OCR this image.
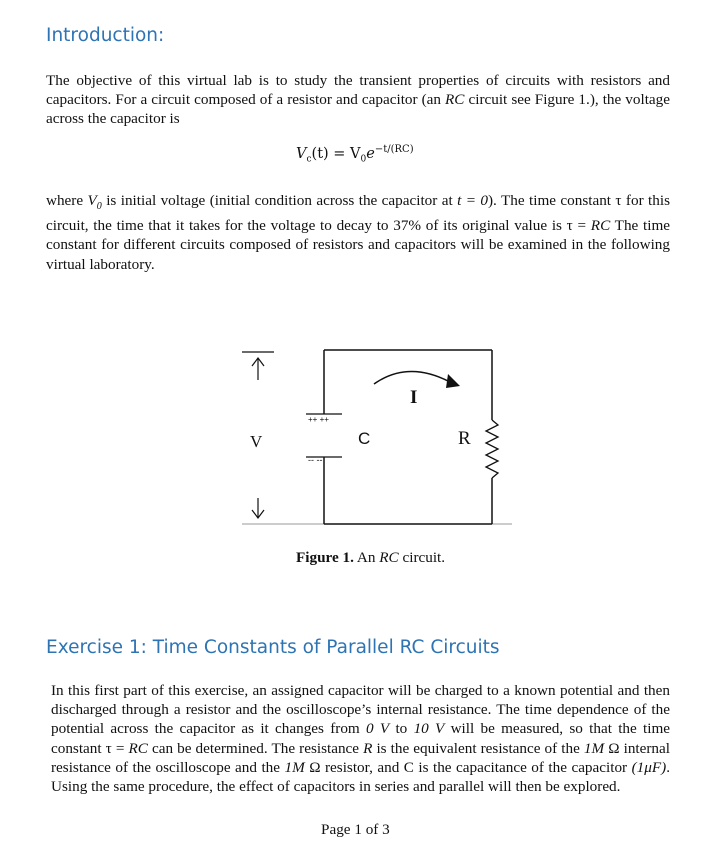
Introduction:

The objective of this virtual lab is to study the transient properties of circuits with resistors and capacitors. For a circuit composed of a resistor and capacitor (an RC circuit see Figure 1.), the voltage across the capacitor is

$V_c(t) = V_0e^{-t/(RC)}$

where $V_0$ is initial voltage (initial condition across the capacitor at t = 0). The time constant τ for this circuit, the time that it takes for the voltage to decay to 37% of its original value is τ = RC The time constant for different circuits composed of resistors and capacitors will be examined in the following virtual laboratory.

V
++ ++
-- --
C
I
R

Figure 1. An RC circuit.

Exercise 1: Time Constants of Parallel RC Circuits

In this first part of this exercise, an assigned capacitor will be charged to a known potential and then discharged through a resistor and the oscilloscope’s internal resistance. The time dependence of the potential across the capacitor as it changes from 0 V to 10 V will be measured, so that the time constant τ = RC can be determined. The resistance R is the equivalent resistance of the 1M Ω internal resistance of the oscilloscope and the 1M Ω resistor, and C is the capacitance of the capacitor (1μF). Using the same procedure, the effect of capacitors in series and parallel will then be explored.

Page 1 of 3
